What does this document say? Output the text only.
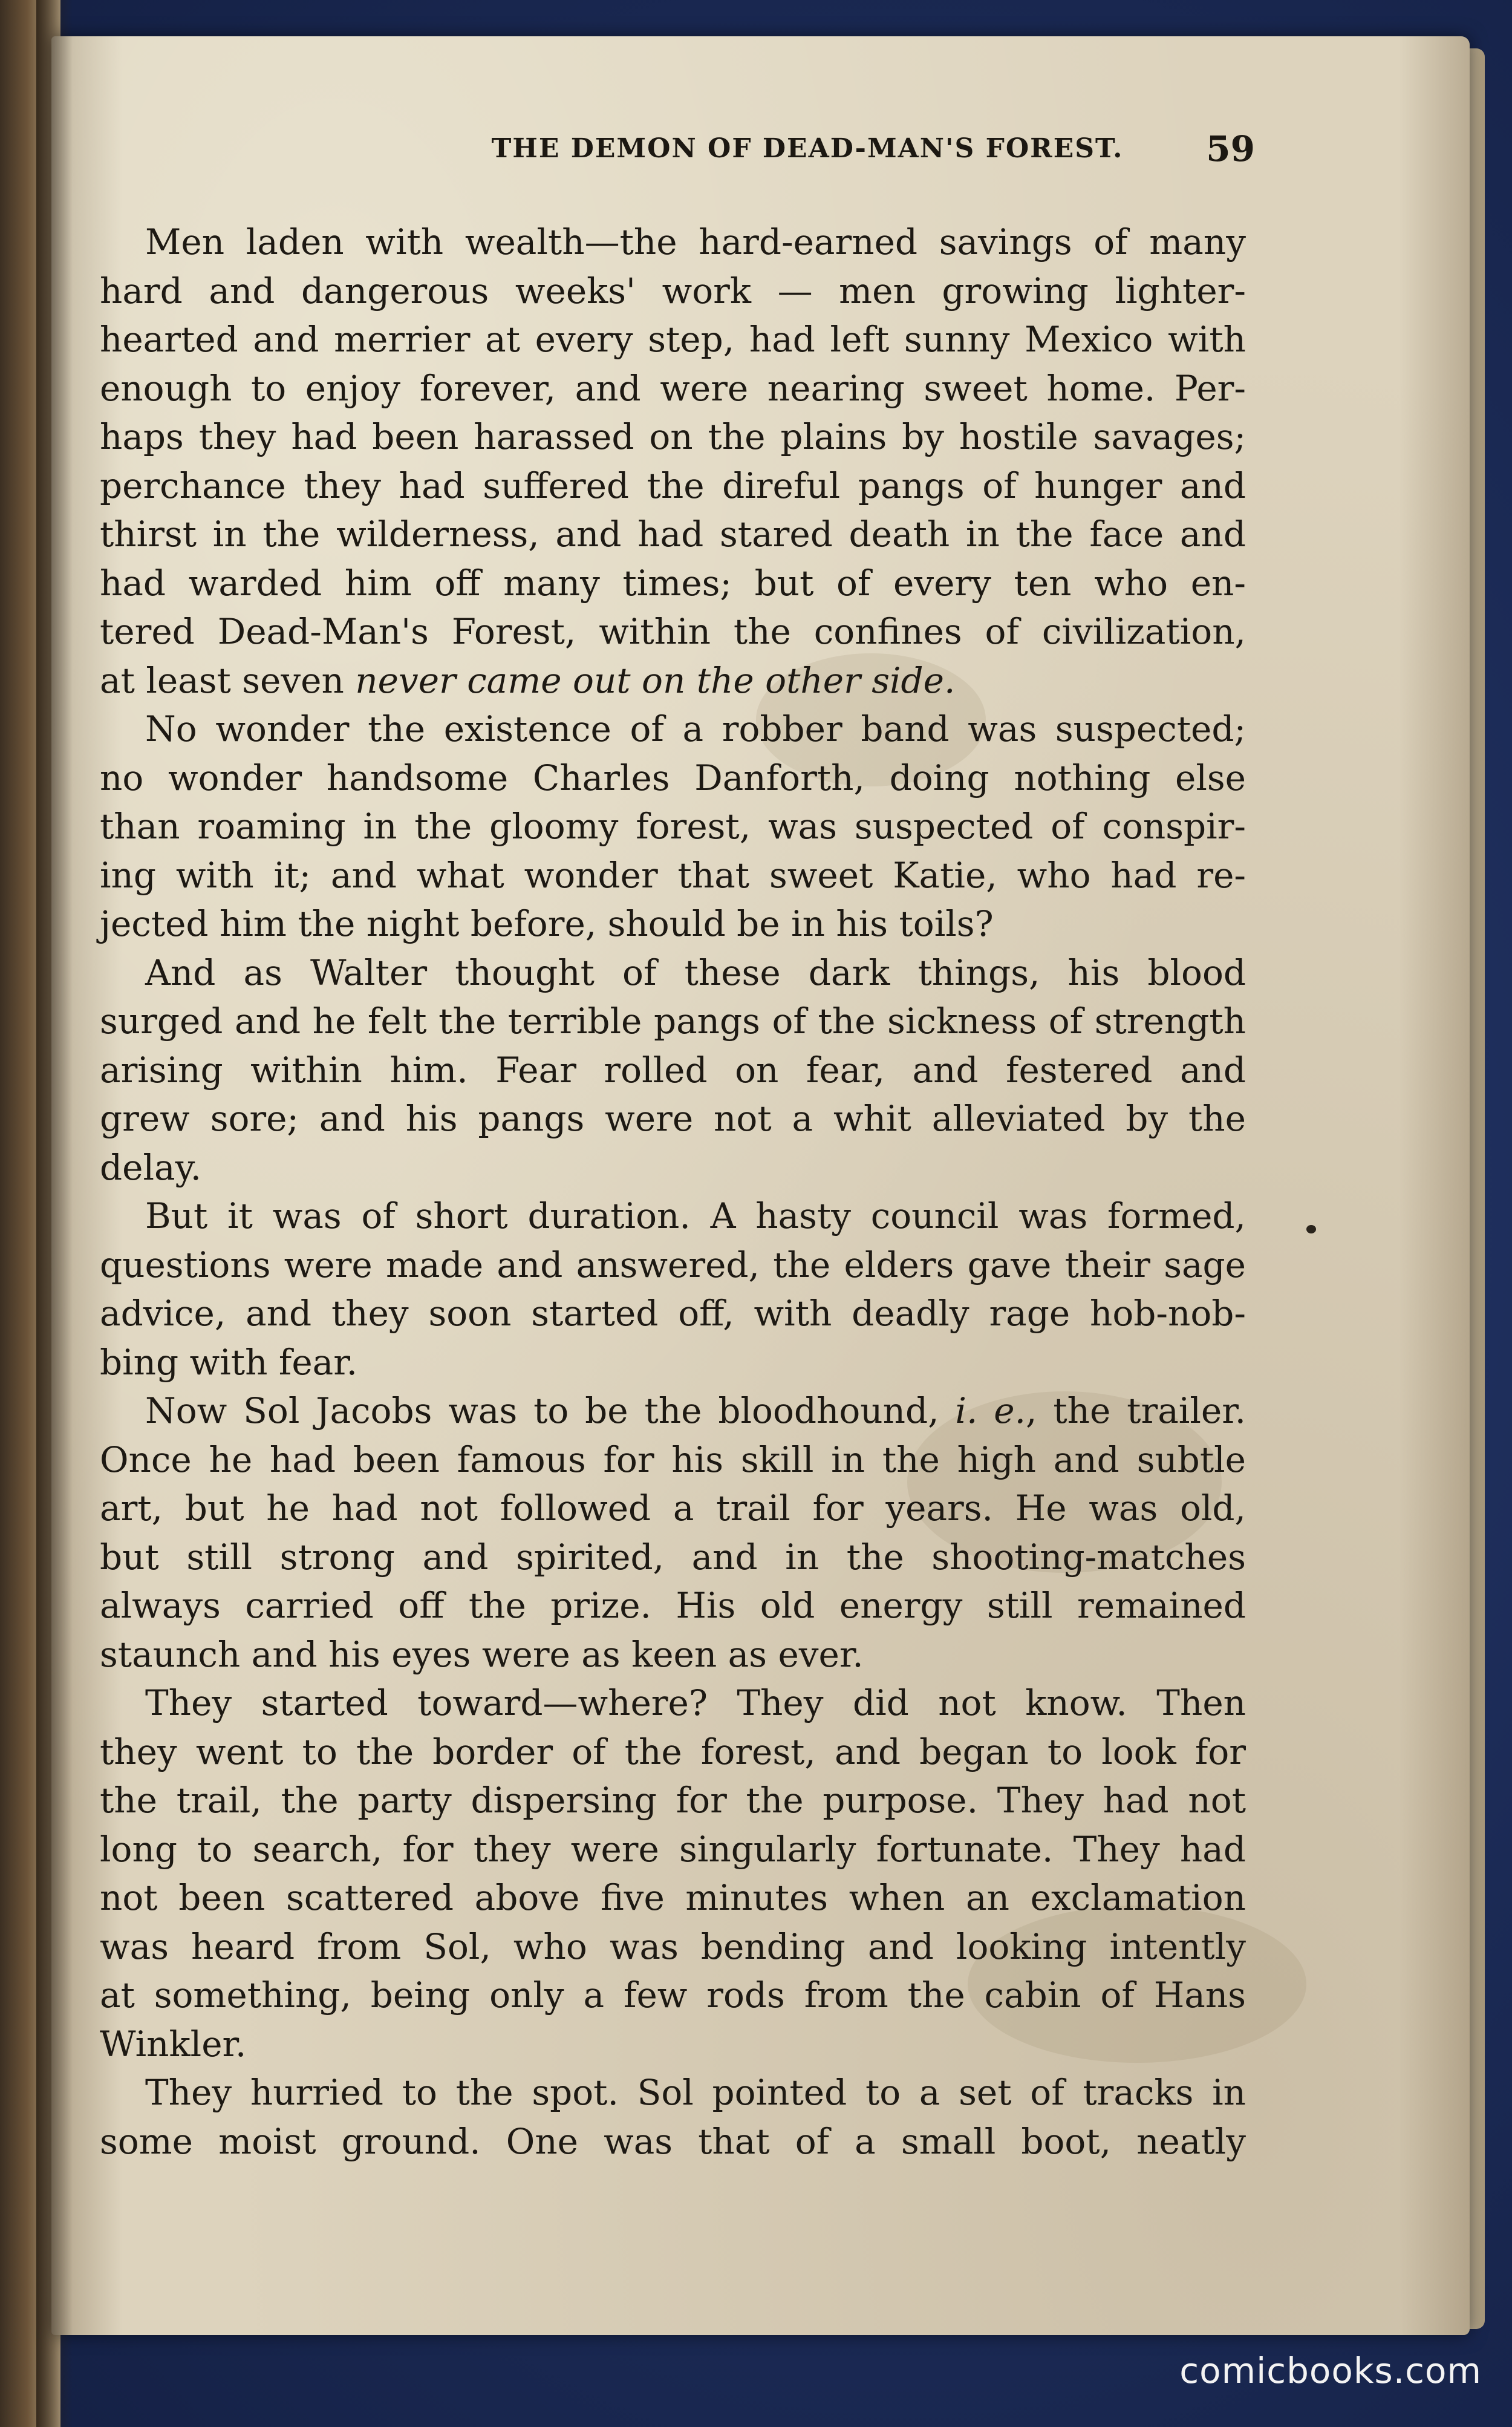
THE DEMON OF DEAD-MAN'S FOREST.	59
Men laden with wealth—the hard-earned savings of many
hard and dangerous weeks' work — men growing lighter-
hearted and merrier at every step, had left sunny Mexico with
enough to enjoy forever, and were nearing sweet home. Per-
haps they had been harassed on the plains by hostile savages;
perchance they had suffered the direful pangs of hunger and
thirst in the wilderness, and had stared death in the face and
had warded him off many times; but of every ten who en-
tered Dead-Man's Forest, within the confines of civilization,
at least seven never came out on the other side.
No wonder the existence of a robber band was suspected;
no wonder handsome Charles Danforth, doing nothing else
than roaming in the gloomy forest, was suspected of conspir-
ing with it; and what wonder that sweet Katie, who had re-
jected him the night before, should be in his toils?
And as Walter thought of these dark things, his blood
surged and he felt the terrible pangs of the sickness of strength
arising within him. Fear rolled on fear, and festered and
grew sore; and his pangs were not a whit alleviated by the
delay.
But it was of short duration. A hasty council was formed,
questions were made and answered, the elders gave their sage
advice, and they soon started off, with deadly rage hob-nob-
bing with fear.
Now Sol Jacobs was to be the bloodhound, i. e., the trailer.
Once he had been famous for his skill in the high and subtle
art, but he had not followed a trail for years. He was old,
but still strong and spirited, and in the shooting-matches
always carried off the prize. His old energy still remained
staunch and his eyes were as keen as ever.
They started toward—where? They did not know. Then
they went to the border of the forest, and began to look for
the trail, the party dispersing for the purpose. They had not
long to search, for they were singularly fortunate. They had
not been scattered above five minutes when an exclamation
was heard from Sol, who was bending and looking intently
at something, being only a few rods from the cabin of Hans
Winkler.
They hurried to the spot. Sol pointed to a set of tracks in
some moist ground. One was that of a small boot, neatly
comicbooks.com
